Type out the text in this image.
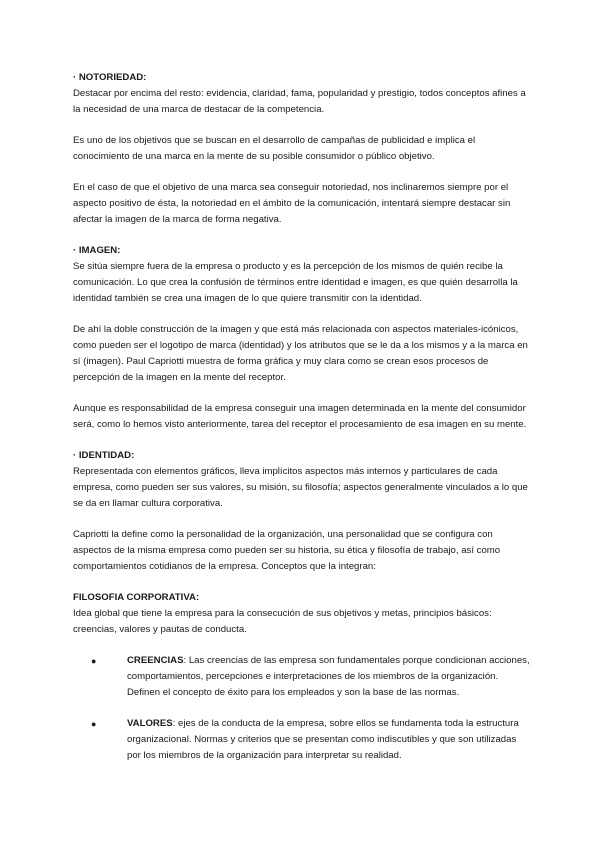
· NOTORIEDAD:

Destacar por encima del resto: evidencia, claridad, fama, popularidad y prestigio, todos conceptos afines a la necesidad de una marca de destacar de la competencia.

Es uno de los objetivos que se buscan en el desarrollo de campañas de publicidad e implica el conocimiento de una marca en la mente de su posible consumidor o público objetivo.

En el caso de que el objetivo de una marca sea conseguir notoriedad, nos inclinaremos siempre por el aspecto positivo de ésta, la notoriedad en el ámbito de la comunicación, intentará siempre destacar sin afectar la imagen de la marca de forma negativa.

· IMAGEN:

Se sitúa siempre fuera de la empresa o producto y es la percepción de los mismos de quién recibe la comunicación. Lo que crea la confusión de términos entre identidad e imagen, es que quién desarrolla la identidad también se crea una imagen de lo que quiere transmitir con la identidad.

De ahí la doble construcción de la imagen y que está más relacionada con aspectos materiales-icónicos, como pueden ser el logotipo de marca (identidad) y los atributos que se le da a los mismos y a la marca en sí (imagen). Paul Capriotti muestra de forma gráfica y muy clara como se crean esos procesos de percepción de la imagen en la mente del receptor.

Aunque es responsabilidad de la empresa conseguir una imagen determinada en la mente del consumidor será, como lo hemos visto anteriormente, tarea del receptor el procesamiento de esa imagen en su mente.

· IDENTIDAD:

Representada con elementos gráficos, lleva implícitos aspectos más internos y particulares de cada empresa, como pueden ser sus valores, su misión, su filosofía; aspectos generalmente vinculados a lo que se da en llamar cultura corporativa.

Capriotti la define como la personalidad de la organización, una personalidad que se configura con aspectos de la misma empresa como pueden ser su historia, su ética y filosofía de trabajo, así como comportamientos cotidianos de la empresa. Conceptos que la integran:

FILOSOFIA CORPORATIVA:

Idea global que tiene la empresa para la consecución de sus objetivos y metas, principios básicos: creencias, valores y pautas de conducta.

●	CREENCIAS: Las creencias de las empresa son fundamentales porque condicionan acciones, comportamientos, percepciones e interpretaciones de los miembros de la organización. Definen el concepto de éxito para los empleados y son la base de las normas.
●	VALORES: ejes de la conducta de la empresa, sobre ellos se fundamenta toda la estructura organizacional. Normas y criterios que se presentan como indiscutibles y que son utilizadas por los miembros de la organización para interpretar su realidad.
